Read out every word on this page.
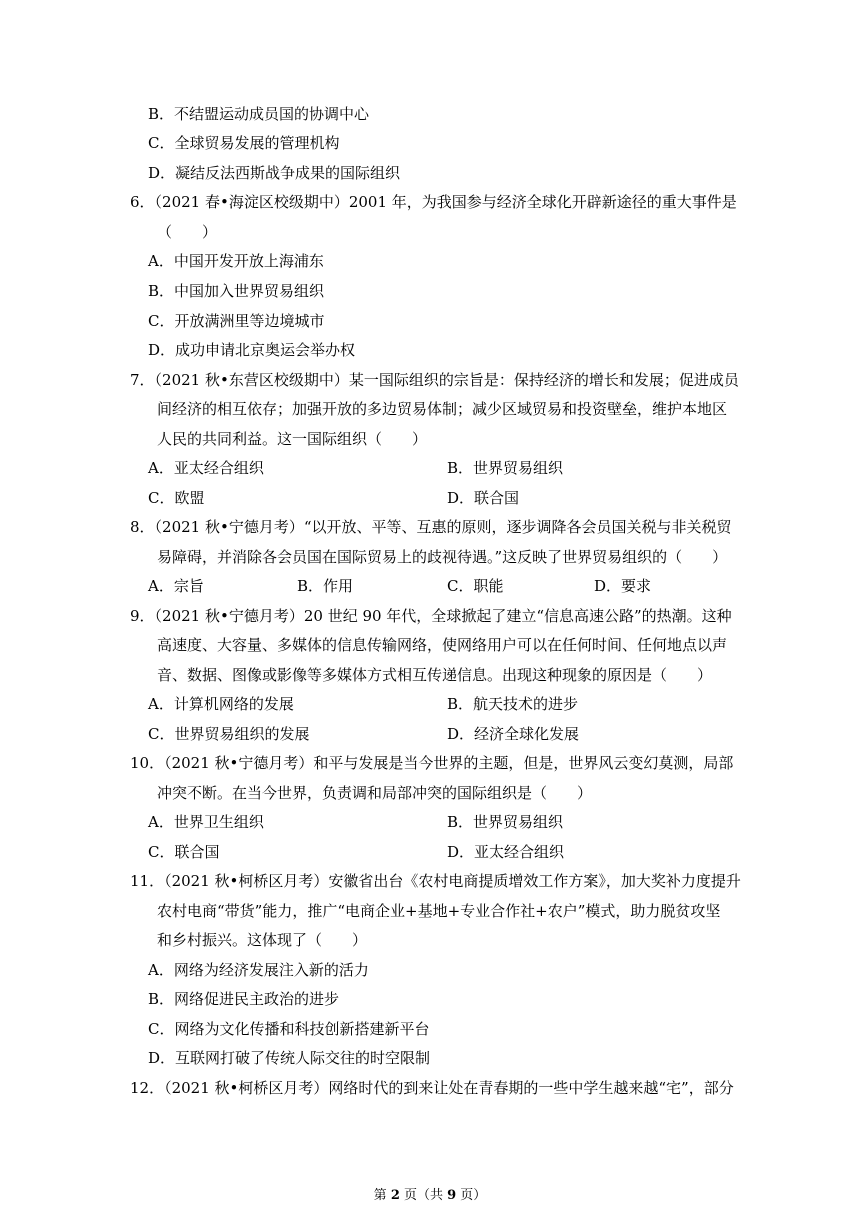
B．不结盟运动成员国的协调中心
C．全球贸易发展的管理机构
D．凝结反法西斯战争成果的国际组织
6．（2021 春•海淀区校级期中）2001 年，为我国参与经济全球化开辟新途径的重大事件是
（　　）
A．中国开发开放上海浦东
B．中国加入世界贸易组织
C．开放满洲里等边境城市
D．成功申请北京奥运会举办权
7．（2021 秋•东营区校级期中）某一国际组织的宗旨是：保持经济的增长和发展；促进成员
间经济的相互依存；加强开放的多边贸易体制；减少区域贸易和投资壁垒，维护本地区
人民的共同利益。这一国际组织（　　）
A．亚太经合组织	B．世界贸易组织
C．欧盟	D．联合国
8．（2021 秋•宁德月考）“以开放、平等、互惠的原则，逐步调降各会员国关税与非关税贸
易障碍，并消除各会员国在国际贸易上的歧视待遇。”这反映了世界贸易组织的（　　）
A．宗旨	B．作用	C．职能	D．要求
9．（2021 秋•宁德月考）20 世纪 90 年代，全球掀起了建立“信息高速公路”的热潮。这种
高速度、大容量、多媒体的信息传输网络，使网络用户可以在任何时间、任何地点以声
音、数据、图像或影像等多媒体方式相互传递信息。出现这种现象的原因是（　　）
A．计算机网络的发展	B．航天技术的进步
C．世界贸易组织的发展	D．经济全球化发展
10．（2021 秋•宁德月考）和平与发展是当今世界的主题，但是，世界风云变幻莫测，局部
冲突不断。在当今世界，负责调和局部冲突的国际组织是（　　）
A．世界卫生组织	B．世界贸易组织
C．联合国	D．亚太经合组织
11．（2021 秋•柯桥区月考）安徽省出台《农村电商提质增效工作方案》，加大奖补力度提升
农村电商“带货”能力，推广“电商企业+基地+专业合作社+农户”模式，助力脱贫攻坚
和乡村振兴。这体现了（　　）
A．网络为经济发展注入新的活力
B．网络促进民主政治的进步
C．网络为文化传播和科技创新搭建新平台
D．互联网打破了传统人际交往的时空限制
12．（2021 秋•柯桥区月考）网络时代的到来让处在青春期的一些中学生越来越“宅”，部分
第 2 页（共 9 页）
